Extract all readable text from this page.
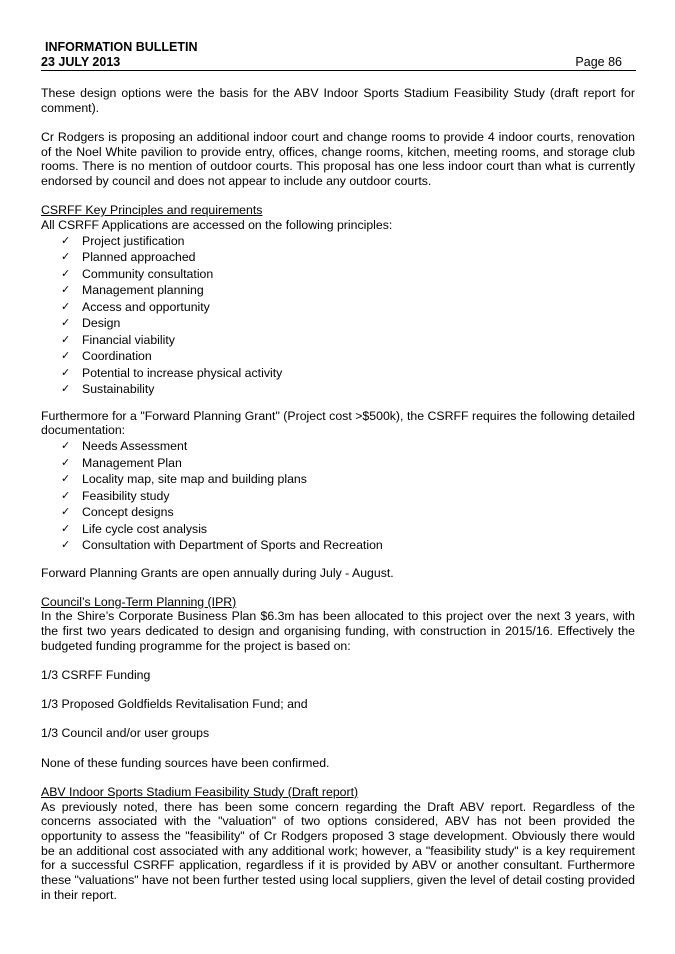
INFORMATION BULLETIN
23 JULY 2013	Page 86

These design options were the basis for the ABV Indoor Sports Stadium Feasibility Study (draft report for comment).

Cr Rodgers is proposing an additional indoor court and change rooms to provide 4 indoor courts, renovation of the Noel White pavilion to provide entry, offices, change rooms, kitchen, meeting rooms, and storage club rooms. There is no mention of outdoor courts. This proposal has one less indoor court than what is currently endorsed by council and does not appear to include any outdoor courts.

CSRFF Key Principles and requirements

All CSRFF Applications are accessed on the following principles:

✓ Project justification
✓ Planned approached
✓ Community consultation
✓ Management planning
✓ Access and opportunity
✓ Design
✓ Financial viability
✓ Coordination
✓ Potential to increase physical activity
✓ Sustainability

Furthermore for a "Forward Planning Grant" (Project cost >$500k), the CSRFF requires the following detailed documentation:

✓ Needs Assessment
✓ Management Plan
✓ Locality map, site map and building plans
✓ Feasibility study
✓ Concept designs
✓ Life cycle cost analysis
✓ Consultation with Department of Sports and Recreation

Forward Planning Grants are open annually during July - August.

Council’s Long-Term Planning (IPR)

In the Shire’s Corporate Business Plan $6.3m has been allocated to this project over the next 3 years, with the first two years dedicated to design and organising funding, with construction in 2015/16. Effectively the budgeted funding programme for the project is based on:

1/3 CSRFF Funding

1/3 Proposed Goldfields Revitalisation Fund; and

1/3 Council and/or user groups

None of these funding sources have been confirmed.

ABV Indoor Sports Stadium Feasibility Study (Draft report)

As previously noted, there has been some concern regarding the Draft ABV report. Regardless of the concerns associated with the "valuation" of two options considered, ABV has not been provided the opportunity to assess the "feasibility" of Cr Rodgers proposed 3 stage development. Obviously there would be an additional cost associated with any additional work; however, a "feasibility study" is a key requirement for a successful CSRFF application, regardless if it is provided by ABV or another consultant. Furthermore these "valuations" have not been further tested using local suppliers, given the level of detail costing provided in their report.
